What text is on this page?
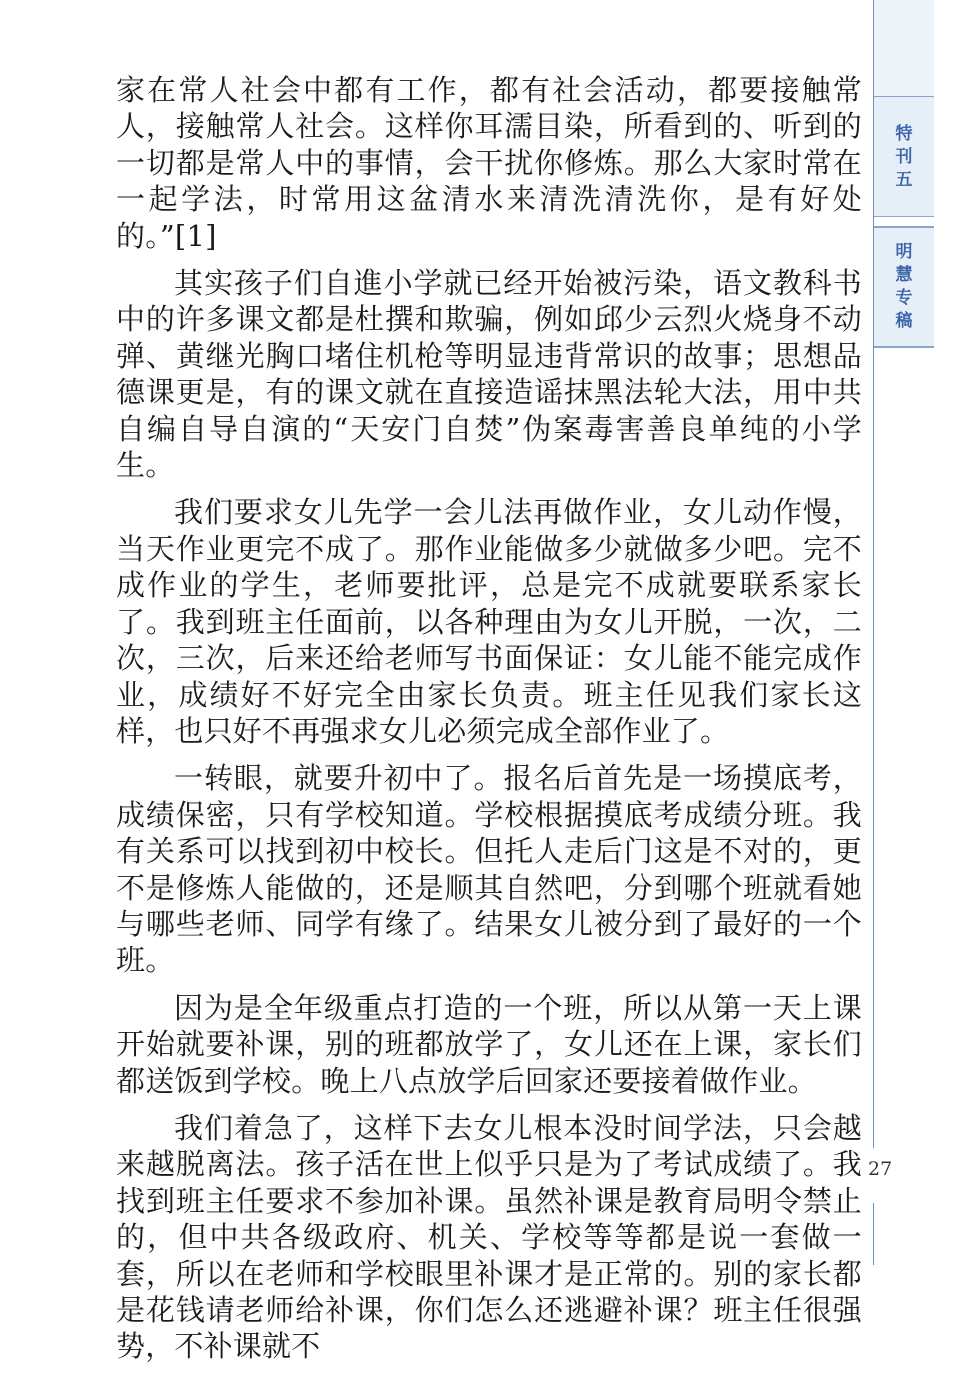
特
刊
五
明
慧
专
稿

家在常人社会中都有工作，都有社会活动，都要接触常人，接触常人社会。这样你耳濡目染，所看到的、听到的一切都是常人中的事情，会干扰你修炼。那么大家时常在一起学法，时常用这盆清水来清洗清洗你，是有好处的。”[1]

其实孩子们自進小学就已经开始被污染，语文教科书中的许多课文都是杜撰和欺骗，例如邱少云烈火烧身不动弹、黄继光胸口堵住机枪等明显违背常识的故事；思想品德课更是，有的课文就在直接造谣抹黑法轮大法，用中共自编自导自演的“天安门自焚”伪案毒害善良单纯的小学生。

我们要求女儿先学一会儿法再做作业，女儿动作慢，当天作业更完不成了。那作业能做多少就做多少吧。完不成作业的学生，老师要批评，总是完不成就要联系家长了。我到班主任面前，以各种理由为女儿开脱，一次，二次，三次，后来还给老师写书面保证：女儿能不能完成作业，成绩好不好完全由家长负责。班主任见我们家长这样，也只好不再强求女儿必须完成全部作业了。

一转眼，就要升初中了。报名后首先是一场摸底考，成绩保密，只有学校知道。学校根据摸底考成绩分班。我有关系可以找到初中校长。但托人走后门这是不对的，更不是修炼人能做的，还是顺其自然吧，分到哪个班就看她与哪些老师、同学有缘了。结果女儿被分到了最好的一个班。

因为是全年级重点打造的一个班，所以从第一天上课开始就要补课，别的班都放学了，女儿还在上课，家长们都送饭到学校。晚上八点放学后回家还要接着做作业。

我们着急了，这样下去女儿根本没时间学法，只会越来越脱离法。孩子活在世上似乎只是为了考试成绩了。我找到班主任要求不参加补课。虽然补课是教育局明令禁止的，但中共各级政府、机关、学校等等都是说一套做一套，所以在老师和学校眼里补课才是正常的。别的家长都是花钱请老师给补课，你们怎么还逃避补课？班主任很强势，不补课就不

27
